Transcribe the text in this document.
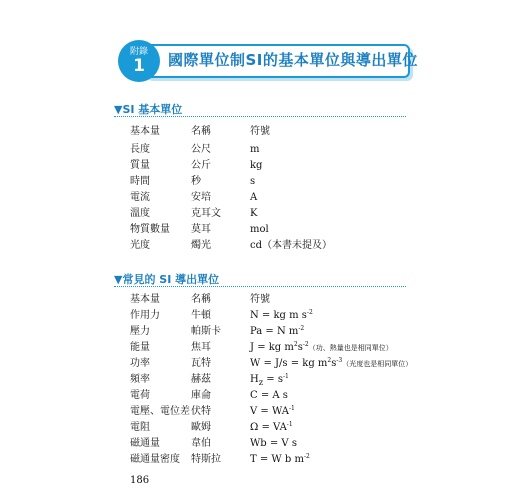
國際單位制SI的基本單位與導出單位
附錄
1
▼SI 基本單位
基本量	名稱	符號
長度	公尺	m
質量	公斤	kg
時間	秒	s
電流	安培	A
溫度	克耳文	K
物質數量 莫耳	mol
光度	燭光	cd（本書未提及）
▼常見的 SI 導出單位
基本量	名稱	符號
作用力	牛頓	N = kg m $s^{-2}$
壓力	帕斯卡	Pa = N $m^{-2}$
能量	焦耳	J = kg $m^2s^{-2}$（功、熱量也是相同單位）
功率	瓦特	W = J/s = kg $m^2s^{-3}$（光度也是相同單位）
頻率	赫茲	$H_z = s^{-1}$
電荷	庫侖	C = A s
電壓、電位差 伏特	$V = WA^{-1}$
電阻	歐姆	$\Omega = VA^{-1}$
磁通量	韋伯	Wb = V s
磁通量密度 特斯拉	T = W b $m^{-2}$
186
